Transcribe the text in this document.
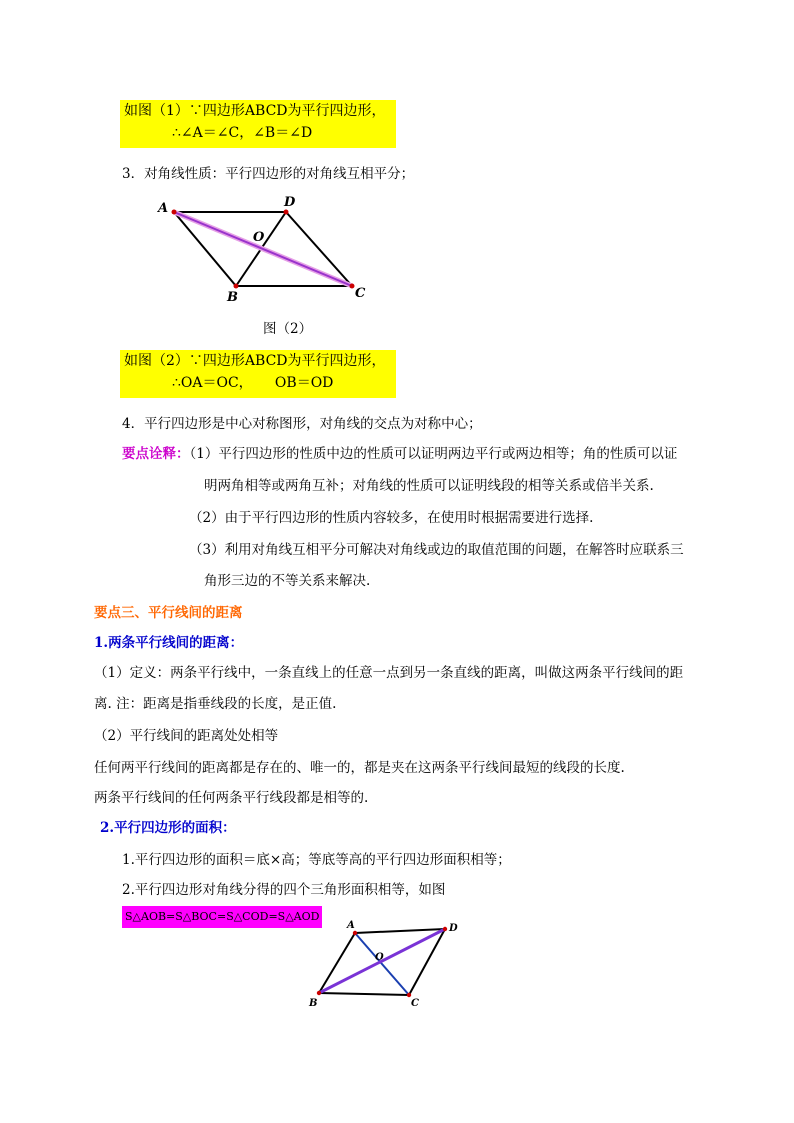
如图（1）∵四边形ABCD为平行四边形，
∴∠A＝∠C，∠B＝∠D
3．对角线性质：平行四边形的对角线互相平分；
A	D
O
B	C
图（2）
如图（2）∵四边形ABCD为平行四边形，
∴OA＝OC，     OB＝OD
4．平行四边形是中心对称图形，对角线的交点为对称中心；
要点诠释：（1）平行四边形的性质中边的性质可以证明两边平行或两边相等；角的性质可以证
明两角相等或两角互补；对角线的性质可以证明线段的相等关系或倍半关系.
（2）由于平行四边形的性质内容较多，在使用时根据需要进行选择.
（3）利用对角线互相平分可解决对角线或边的取值范围的问题，在解答时应联系三
角形三边的不等关系来解决.
要点三、平行线间的距离
1.两条平行线间的距离：
（1）定义：两条平行线中，一条直线上的任意一点到另一条直线的距离，叫做这两条平行线间的距
离. 注：距离是指垂线段的长度，是正值.
（2）平行线间的距离处处相等
任何两平行线间的距离都是存在的、唯一的，都是夹在这两条平行线间最短的线段的长度.
两条平行线间的任何两条平行线段都是相等的.
2.平行四边形的面积：
1.平行四边形的面积＝底×高；等底等高的平行四边形面积相等；
2.平行四边形对角线分得的四个三角形面积相等，如图
S△AOB=S△BOC=S△COD=S△AOD
A	D
O
B	C
